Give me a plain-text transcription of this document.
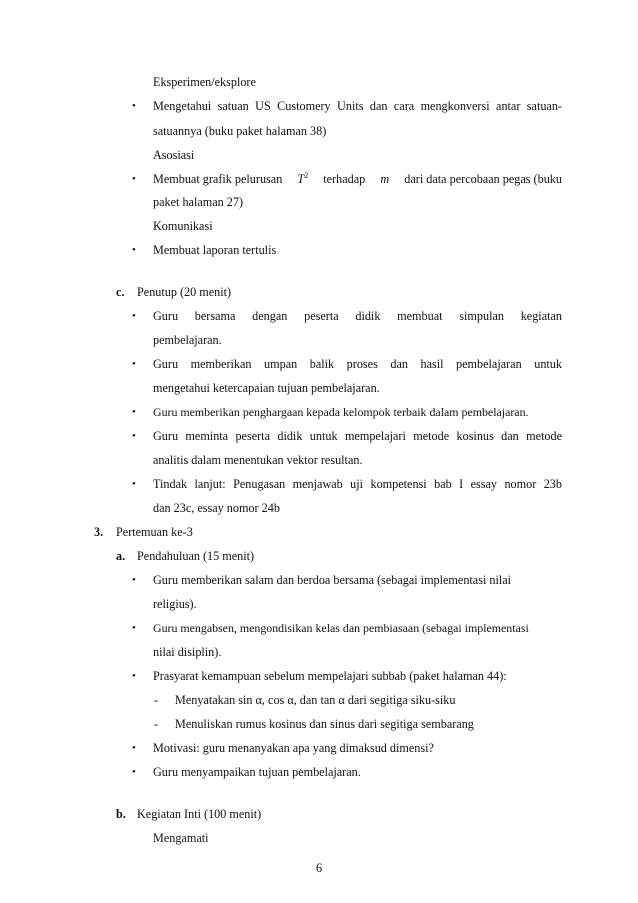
Eksperimen/eksplore
• Mengetahui satuan US Customery Units dan cara mengkonversi antar satuan-
satuannya (buku paket halaman 38)
Asosiasi
• Membuat grafik pelurusan $T^2$ terhadap m dari data percobaan pegas (buku
paket halaman 27)
Komunikasi
• Membuat laporan tertulis
c. Penutup (20 menit)
• Guru bersama dengan peserta didik membuat simpulan kegiatan
pembelajaran.
• Guru memberikan umpan balik proses dan hasil pembelajaran untuk
mengetahui ketercapaian tujuan pembelajaran.
• Guru memberikan penghargaan kepada kelompok terbaik dalam pembelajaran.
• Guru meminta peserta didik untuk mempelajari metode kosinus dan metode
analitis dalam menentukan vektor resultan.
• Tindak lanjut: Penugasan menjawab uji kompetensi bab I essay nomor 23b
dan 23c, essay nomor 24b
3. Pertemuan ke-3
a. Pendahuluan (15 menit)
• Guru memberikan salam dan berdoa bersama (sebagai implementasi nilai
religius).
• Guru mengabsen, mengondisikan kelas dan pembiasaan (sebagai implementasi
nilai disiplin).
• Prasyarat kemampuan sebelum mempelajari subbab (paket halaman 44):
- Menyatakan sin α, cos α, dan tan α dari segitiga siku-siku
- Menuliskan rumus kosinus dan sinus dari segitiga sembarang
• Motivasi: guru menanyakan apa yang dimaksud dimensi?
• Guru menyampaikan tujuan pembelajaran.
b. Kegiatan Inti (100 menit)
Mengamati
6
